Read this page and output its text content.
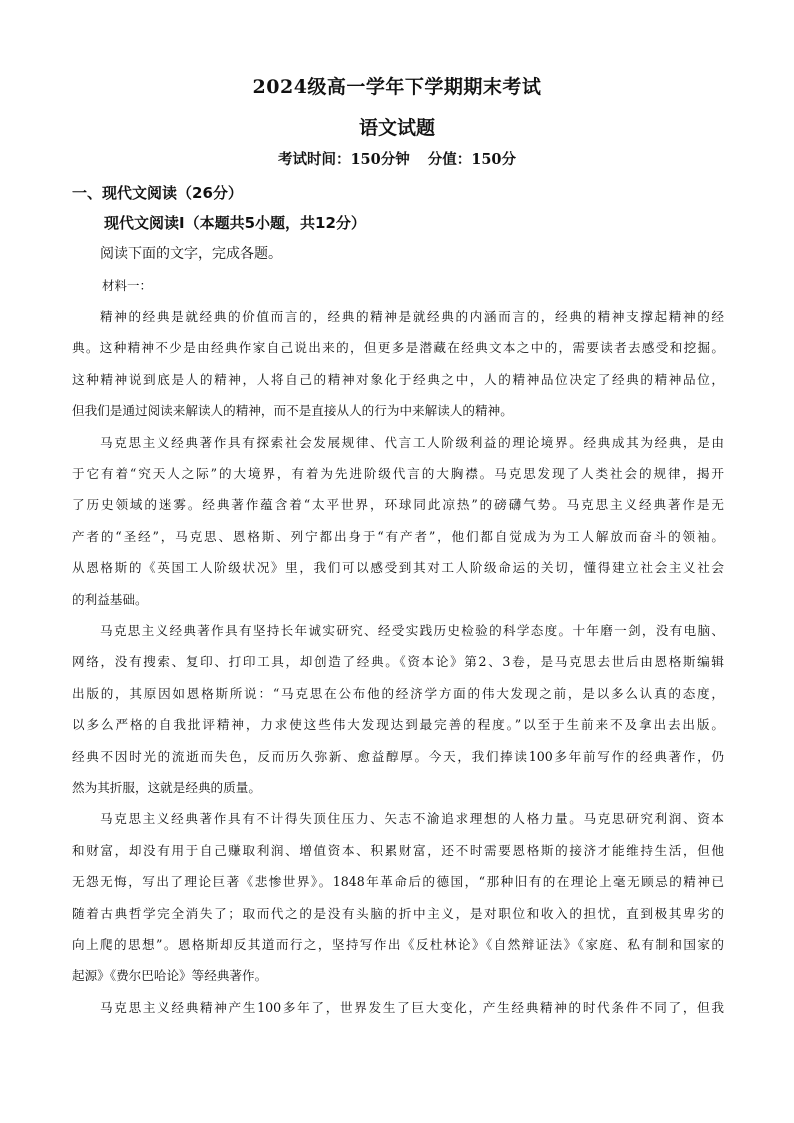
2024级高一学年下学期期末考试
语文试题
考试时间：150分钟 分值：150分
一、现代文阅读（26分）
现代文阅读Ⅰ（本题共5小题，共12分）
阅读下面的文字，完成各题。
材料一：
精神的经典是就经典的价值而言的，经典的精神是就经典的内涵而言的，经典的精神支撑起精神的经
典。这种精神不少是由经典作家自己说出来的，但更多是潜藏在经典文本之中的，需要读者去感受和挖掘。
这种精神说到底是人的精神，人将自己的精神对象化于经典之中，人的精神品位决定了经典的精神品位，
但我们是通过阅读来解读人的精神，而不是直接从人的行为中来解读人的精神。
马克思主义经典著作具有探索社会发展规律、代言工人阶级利益的理论境界。经典成其为经典，是由
于它有着“究天人之际”的大境界，有着为先进阶级代言的大胸襟。马克思发现了人类社会的规律，揭开
了历史领域的迷雾。经典著作蕴含着“太平世界，环球同此凉热”的磅礴气势。马克思主义经典著作是无
产者的“圣经”，马克思、恩格斯、列宁都出身于“有产者”，他们都自觉成为为工人解放而奋斗的领袖。
从恩格斯的《英国工人阶级状况》里，我们可以感受到其对工人阶级命运的关切，懂得建立社会主义社会
的利益基础。
马克思主义经典著作具有坚持长年诚实研究、经受实践历史检验的科学态度。十年磨一剑，没有电脑、
网络，没有搜索、复印、打印工具，却创造了经典。《资本论》第2、3卷，是马克思去世后由恩格斯编辑
出版的，其原因如恩格斯所说：“马克思在公布他的经济学方面的伟大发现之前，是以多么认真的态度，
以多么严格的自我批评精神，力求使这些伟大发现达到最完善的程度。”以至于生前来不及拿出去出版。
经典不因时光的流逝而失色，反而历久弥新、愈益醇厚。今天，我们捧读100多年前写作的经典著作，仍
然为其折服，这就是经典的质量。
马克思主义经典著作具有不计得失顶住压力、矢志不渝追求理想的人格力量。马克思研究利润、资本
和财富，却没有用于自己赚取利润、增值资本、积累财富，还不时需要恩格斯的接济才能维持生活，但他
无怨无悔，写出了理论巨著《悲惨世界》。1848年革命后的德国，“那种旧有的在理论上毫无顾忌的精神已
随着古典哲学完全消失了；取而代之的是没有头脑的折中主义，是对职位和收入的担忧，直到极其卑劣的
向上爬的思想”。恩格斯却反其道而行之，坚持写作出《反杜林论》《自然辩证法》《家庭、私有制和国家的
起源》《费尔巴哈论》等经典著作。
马克思主义经典精神产生100多年了，世界发生了巨大变化，产生经典精神的时代条件不同了，但我
